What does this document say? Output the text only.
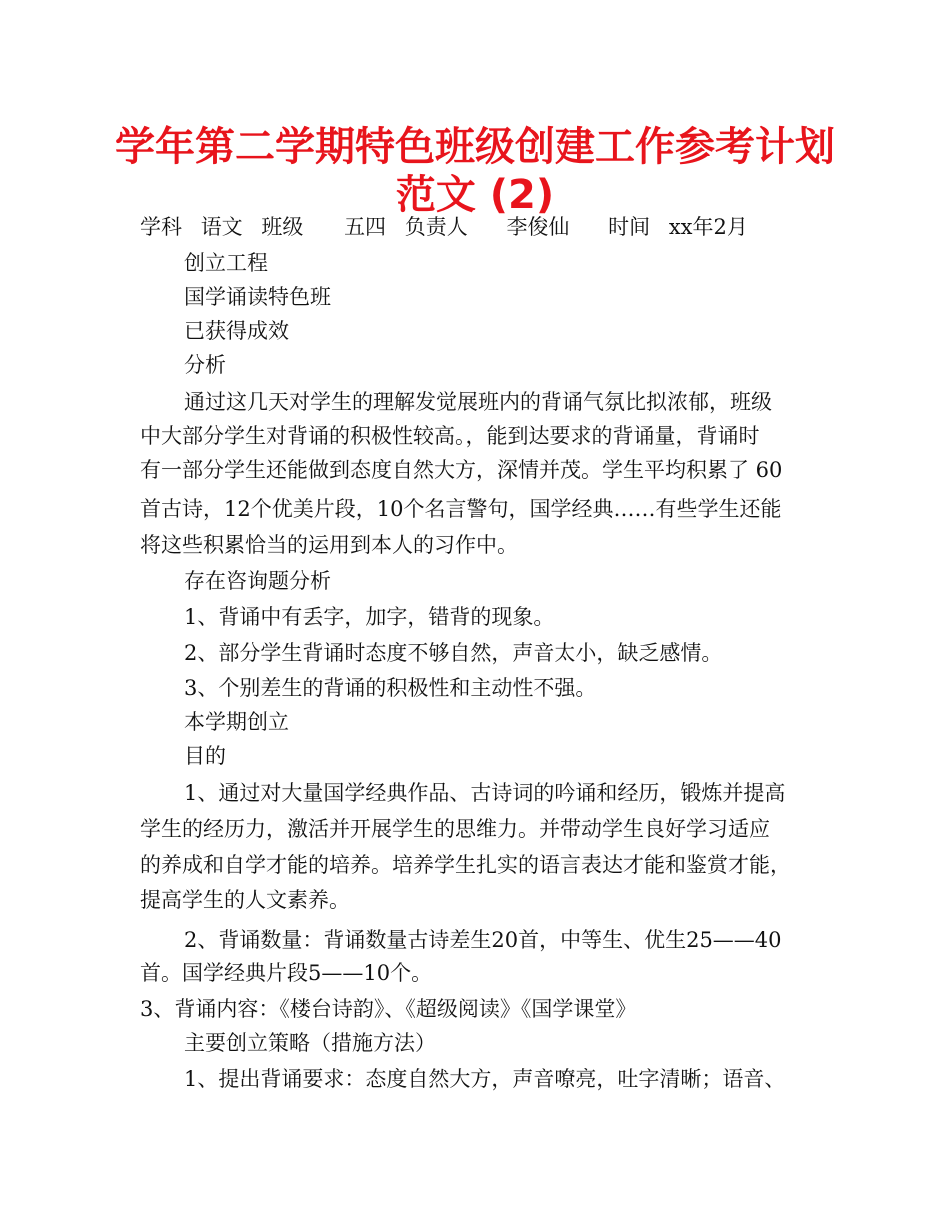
学年第二学期特色班级创建工作参考计划
范文 (2)

学科 语文 班级 五四 负责人 李俊仙 时间 xx年2月

创立工程

国学诵读特色班

已获得成效

分析

通过这几天对学生的理解发觉展班内的背诵气氛比拟浓郁，班级

中大部分学生对背诵的积极性较高。，能到达要求的背诵量，背诵时

有一部分学生还能做到态度自然大方，深情并茂。学生平均积累了 60

首古诗，12个优美片段，10个名言警句，国学经典……有些学生还能

将这些积累恰当的运用到本人的习作中。

存在咨询题分析

1、背诵中有丢字，加字，错背的现象。

2、部分学生背诵时态度不够自然，声音太小，缺乏感情。

3、个别差生的背诵的积极性和主动性不强。

本学期创立

目的

1、通过对大量国学经典作品、古诗词的吟诵和经历，锻炼并提高

学生的经历力，激活并开展学生的思维力。并带动学生良好学习适应

的养成和自学才能的培养。培养学生扎实的语言表达才能和鉴赏才能，

提高学生的人文素养。

2、背诵数量：背诵数量古诗差生20首，中等生、优生25——40

首。国学经典片段5——10个。

3、背诵内容：《楼台诗韵》、《超级阅读》《国学课堂》

主要创立策略（措施方法）

1、提出背诵要求：态度自然大方，声音嘹亮，吐字清晰；语音、
